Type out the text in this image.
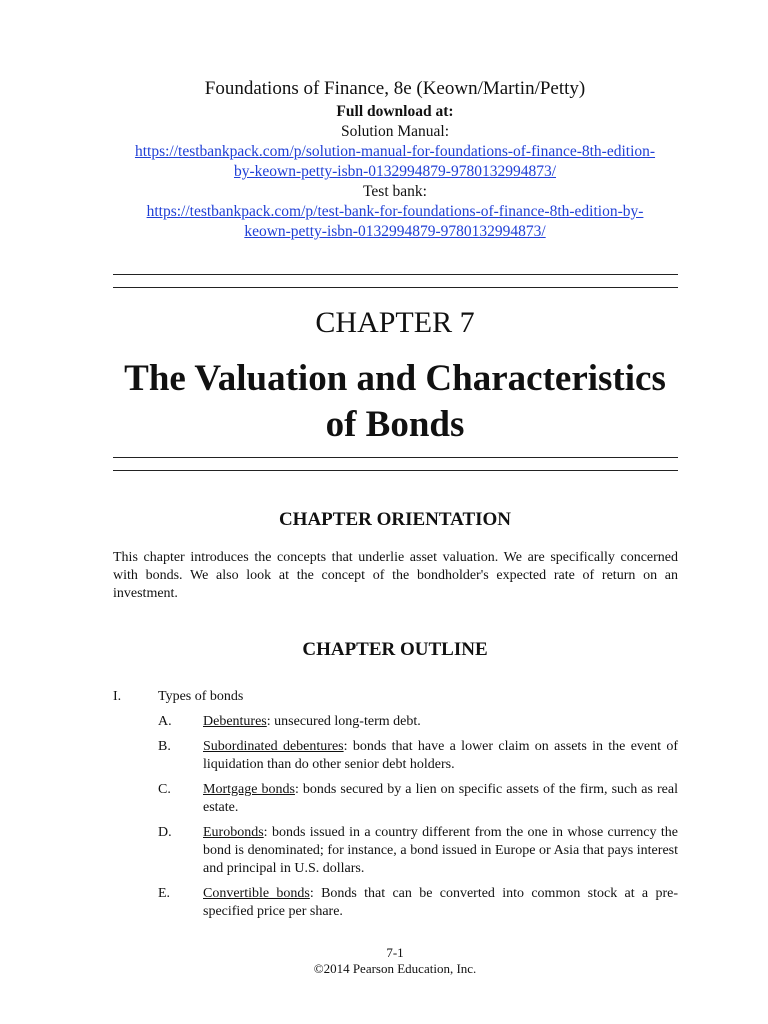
Foundations of Finance, 8e (Keown/Martin/Petty)

Full download at:
Solution Manual:
https://testbankpack.com/p/solution-manual-for-foundations-of-finance-8th-edition-
by-keown-petty-isbn-0132994879-9780132994873/
Test bank:
https://testbankpack.com/p/test-bank-for-foundations-of-finance-8th-edition-by-
keown-petty-isbn-0132994879-9780132994873/
CHAPTER 7
The Valuation and Characteristics
of Bonds
CHAPTER ORIENTATION

This chapter introduces the concepts that underlie asset valuation. We are specifically concerned with bonds. We also look at the concept of the bondholder's expected rate of return on an investment.

CHAPTER OUTLINE
I.	Types of bonds
A. Debentures: unsecured long-term debt.
B. Subordinated debentures: bonds that have a lower claim on assets in the event of liquidation than do other senior debt holders.
C. Mortgage bonds: bonds secured by a lien on specific assets of the firm, such as real estate.
D. Eurobonds: bonds issued in a country different from the one in whose currency the bond is denominated; for instance, a bond issued in Europe or Asia that pays interest and principal in U.S. dollars.
E. Convertible bonds: Bonds that can be converted into common stock at a pre-specified price per share.
7-1
©2014 Pearson Education, Inc.
